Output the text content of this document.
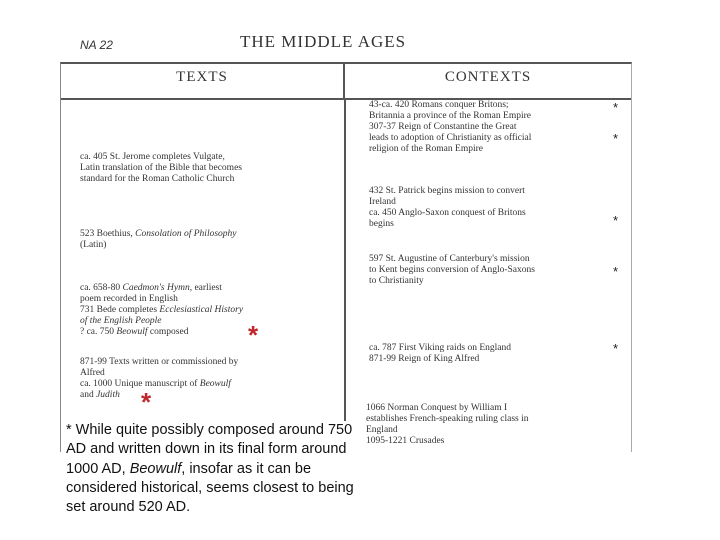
NA 22	THE MIDDLE AGES
TEXTS	CONTEXTS
ca. 405 St. Jerome completes Vulgate,
Latin translation of the Bible that becomes
standard for the Roman Catholic Church
523 Boethius, Consolation of Philosophy
(Latin)
ca. 658-80 Caedmon's Hymn, earliest
poem recorded in English
731 Bede completes Ecclesiastical History
of the English People
? ca. 750 Beowulf composed
871-99 Texts written or commissioned by
Alfred
ca. 1000 Unique manuscript of Beowulf
and Judith
43-ca. 420 Romans conquer Britons;
Britannia a province of the Roman Empire
307-37 Reign of Constantine the Great
leads to adoption of Christianity as official
religion of the Roman Empire
432 St. Patrick begins mission to convert
Ireland
ca. 450 Anglo-Saxon conquest of Britons
begins
597 St. Augustine of Canterbury's mission
to Kent begins conversion of Anglo-Saxons
to Christianity
ca. 787 First Viking raids on England
871-99 Reign of King Alfred
1066 Norman Conquest by William I
establishes French-speaking ruling class in
England
1095-1221 Crusades
*
*
*
*
*
*
*
* While quite possibly composed around 750 AD and written down in its final form around 1000 AD, Beowulf, insofar as it can be considered historical, seems closest to being set around 520 AD.
